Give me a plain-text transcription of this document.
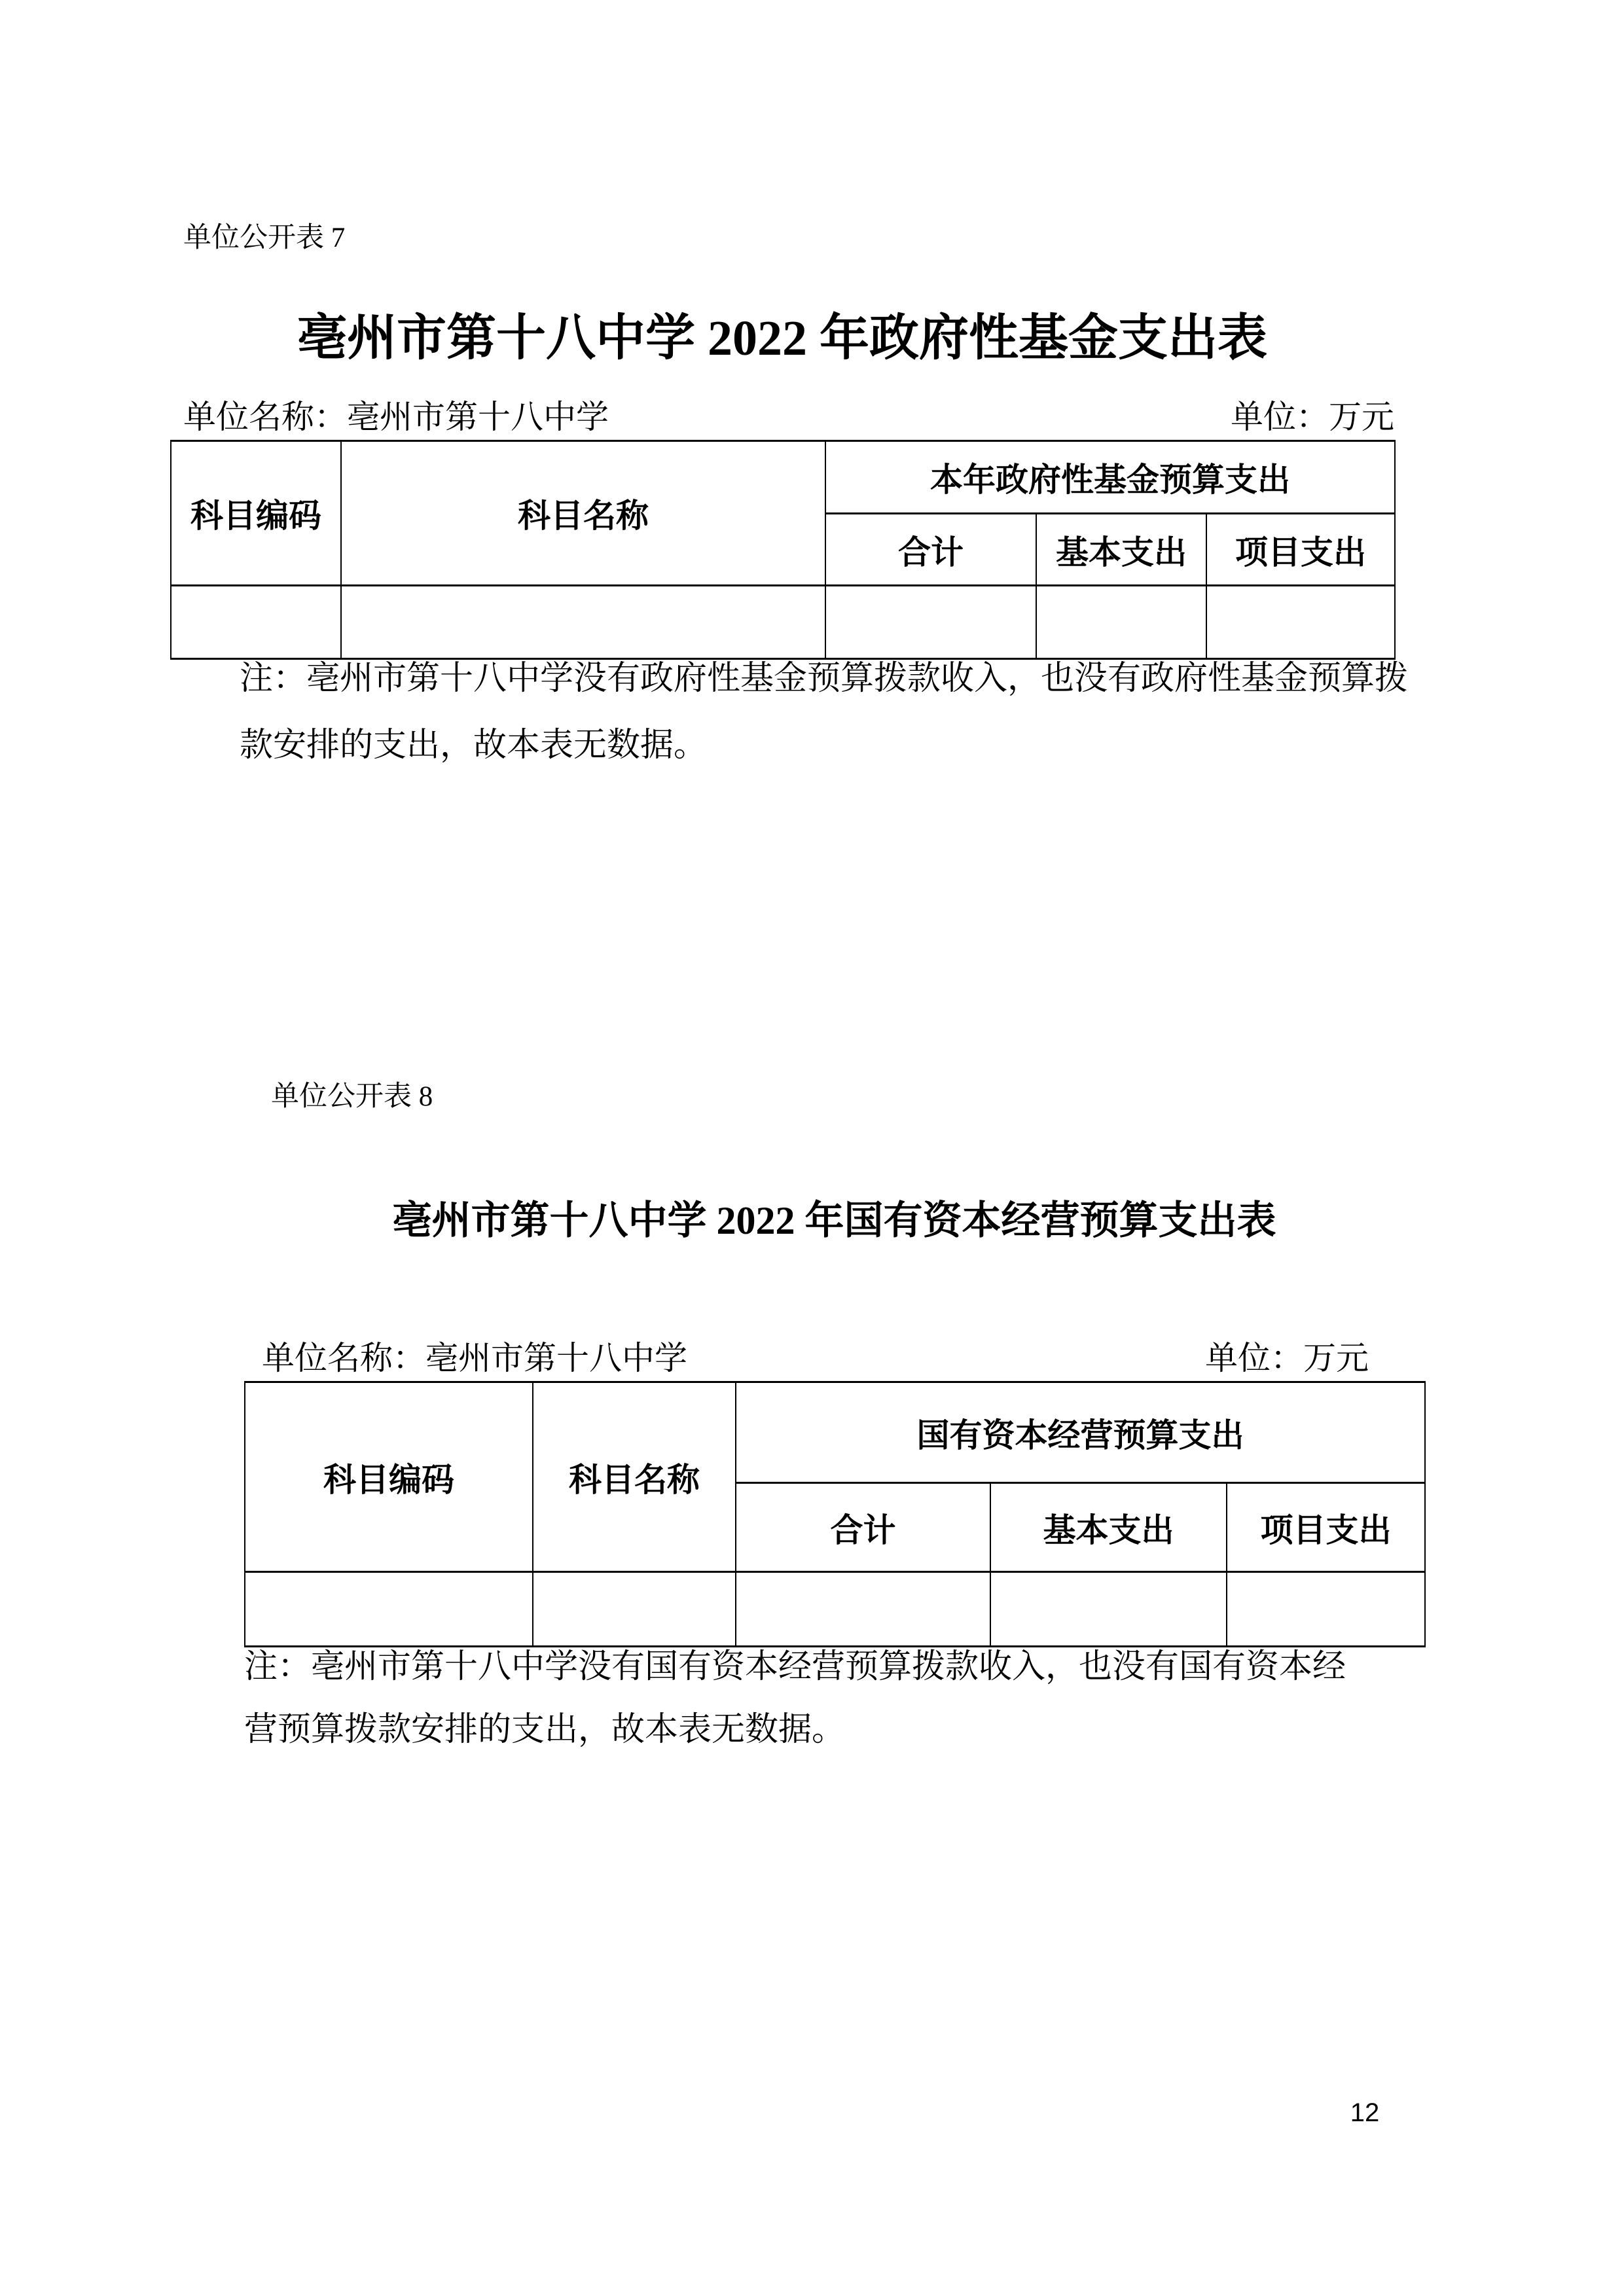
单位公开表 7
亳州市第十八中学 2022 年政府性基金支出表
单位名称：亳州市第十八中学	单位：万元
科目编码	科目名称	本年政府性基金预算支出		
		合计	基本支出	项目支出

注：亳州市第十八中学没有政府性基金预算拨款收入，也没有政府性基金预算拨
款安排的支出，故本表无数据。
单位公开表 8
亳州市第十八中学 2022 年国有资本经营预算支出表
单位名称：亳州市第十八中学	单位：万元
科目编码	科目名称	国有资本经营预算支出		
		合计	基本支出	项目支出

注：亳州市第十八中学没有国有资本经营预算拨款收入，也没有国有资本经
营预算拨款安排的支出，故本表无数据。
12
